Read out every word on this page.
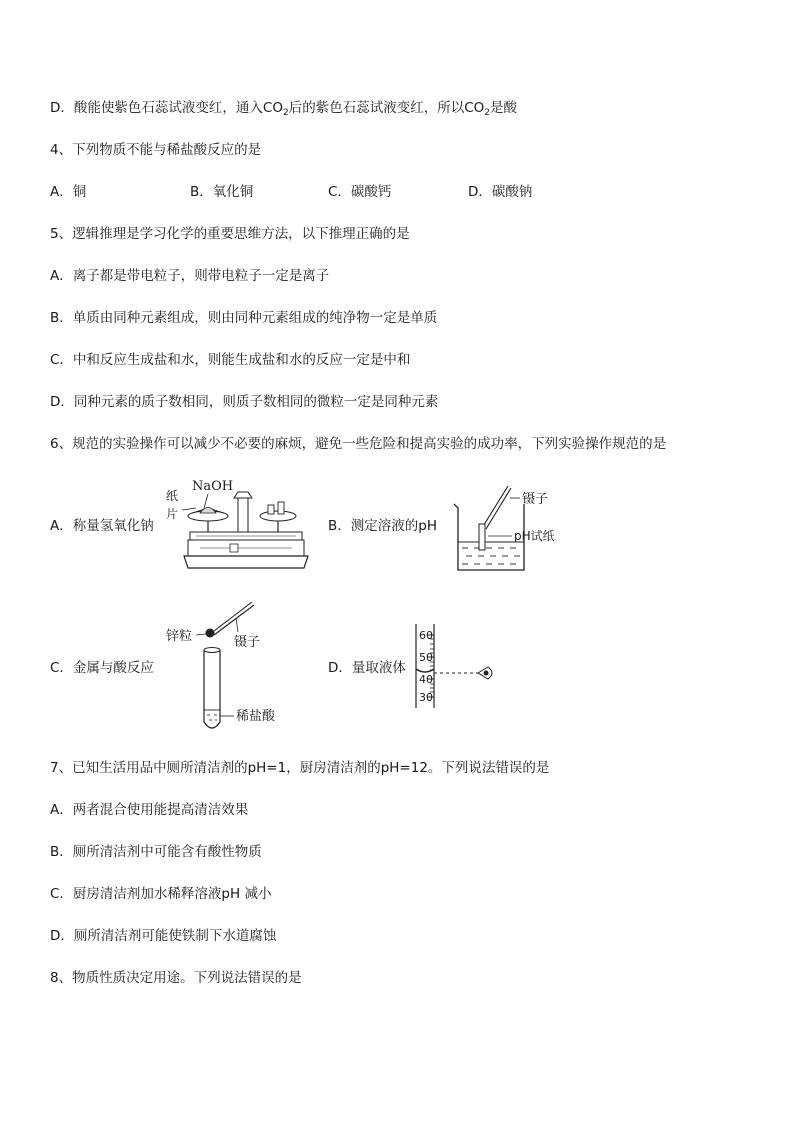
D．酸能使紫色石蕊试液变红，通入$CO_2$后的紫色石蕊试液变红，所以$CO_2$是酸
4、下列物质不能与稀盐酸反应的是
A．铜	B．氧化铜	C．碳酸钙	D．碳酸钠
5、逻辑推理是学习化学的重要思维方法，以下推理正确的是
A．离子都是带电粒子，则带电粒子一定是离子
B．单质由同种元素组成，则由同种元素组成的纯净物一定是单质
C．中和反应生成盐和水，则能生成盐和水的反应一定是中和
D．同种元素的质子数相同，则质子数相同的微粒一定是同种元素
6、规范的实验操作可以减少不必要的麻烦，避免一些危险和提高实验的成功率，下列实验操作规范的是
A．称量氢氧化钠
NaOH
纸
片
B．测定溶液的pH
镊子
pH试纸
C．金属与酸反应
锌粒	镊子
稀盐酸
D．量取液体
60
50
40
30
7、已知生活用品中厕所清洁剂的pH=1，厨房清洁剂的pH=12。下列说法错误的是
A．两者混合使用能提高清洁效果
B．厕所清洁剂中可能含有酸性物质
C．厨房清洁剂加水稀释溶液pH 减小
D．厕所清洁剂可能使铁制下水道腐蚀
8、物质性质决定用途。下列说法错误的是
